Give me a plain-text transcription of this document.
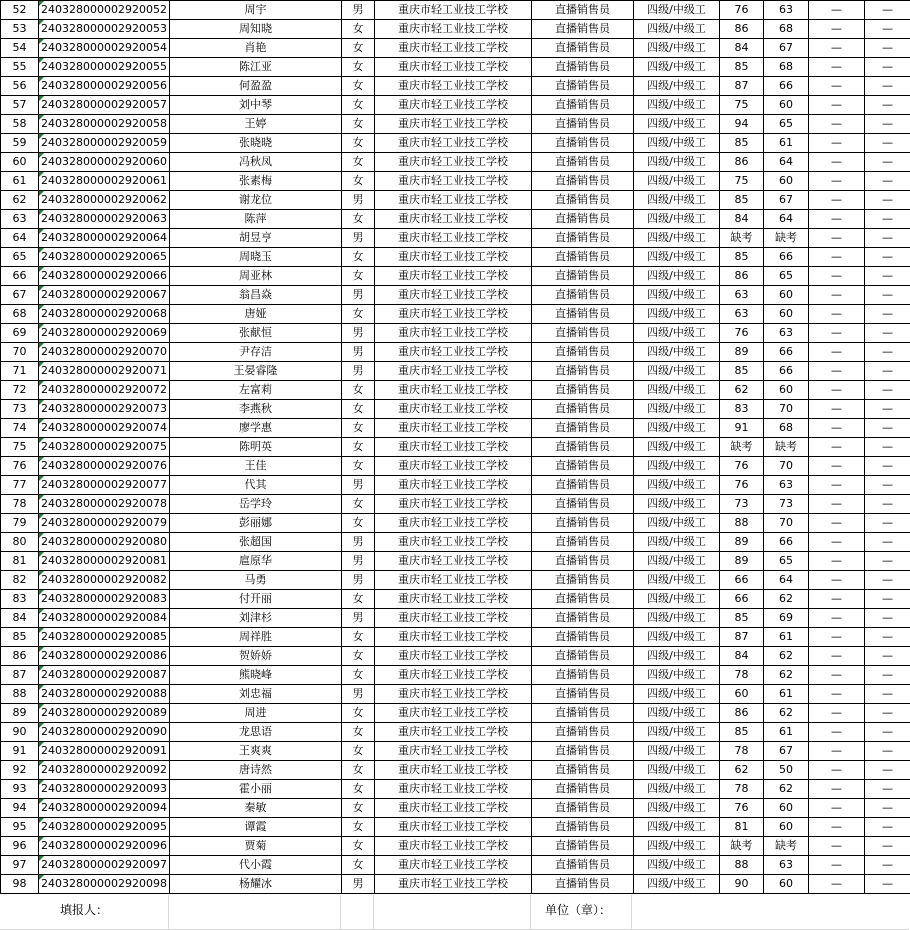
52	240328000002920052	周宇	男	重庆市轻工业技工学校	直播销售员	四级/中级工	76	63	—	—
53	240328000002920053	周知晓	女	重庆市轻工业技工学校	直播销售员	四级/中级工	86	68	—	—
54	240328000002920054	肖艳	女	重庆市轻工业技工学校	直播销售员	四级/中级工	84	67	—	—
55	240328000002920055	陈江亚	女	重庆市轻工业技工学校	直播销售员	四级/中级工	85	68	—	—
56	240328000002920056	何盈盈	女	重庆市轻工业技工学校	直播销售员	四级/中级工	87	66	—	—
57	240328000002920057	刘中琴	女	重庆市轻工业技工学校	直播销售员	四级/中级工	75	60	—	—
58	240328000002920058	王婷	女	重庆市轻工业技工学校	直播销售员	四级/中级工	94	65	—	—
59	240328000002920059	张晓晓	女	重庆市轻工业技工学校	直播销售员	四级/中级工	85	61	—	—
60	240328000002920060	冯秋凤	女	重庆市轻工业技工学校	直播销售员	四级/中级工	86	64	—	—
61	240328000002920061	张素梅	女	重庆市轻工业技工学校	直播销售员	四级/中级工	75	60	—	—
62	240328000002920062	谢龙位	男	重庆市轻工业技工学校	直播销售员	四级/中级工	85	67	—	—
63	240328000002920063	陈萍	女	重庆市轻工业技工学校	直播销售员	四级/中级工	84	64	—	—
64	240328000002920064	胡昱亨	男	重庆市轻工业技工学校	直播销售员	四级/中级工	缺考	缺考	—	—
65	240328000002920065	周晓玉	女	重庆市轻工业技工学校	直播销售员	四级/中级工	85	66	—	—
66	240328000002920066	周亚林	女	重庆市轻工业技工学校	直播销售员	四级/中级工	86	65	—	—
67	240328000002920067	翁昌焱	男	重庆市轻工业技工学校	直播销售员	四级/中级工	63	60	—	—
68	240328000002920068	唐娅	女	重庆市轻工业技工学校	直播销售员	四级/中级工	63	60	—	—
69	240328000002920069	张献恒	男	重庆市轻工业技工学校	直播销售员	四级/中级工	76	63	—	—
70	240328000002920070	尹存洁	男	重庆市轻工业技工学校	直播销售员	四级/中级工	89	66	—	—
71	240328000002920071	王晏睿隆	男	重庆市轻工业技工学校	直播销售员	四级/中级工	85	66	—	—
72	240328000002920072	左富莉	女	重庆市轻工业技工学校	直播销售员	四级/中级工	62	60	—	—
73	240328000002920073	李燕秋	女	重庆市轻工业技工学校	直播销售员	四级/中级工	83	70	—	—
74	240328000002920074	廖学惠	女	重庆市轻工业技工学校	直播销售员	四级/中级工	91	68	—	—
75	240328000002920075	陈明英	女	重庆市轻工业技工学校	直播销售员	四级/中级工	缺考	缺考	—	—
76	240328000002920076	王佳	女	重庆市轻工业技工学校	直播销售员	四级/中级工	76	70	—	—
77	240328000002920077	代其	男	重庆市轻工业技工学校	直播销售员	四级/中级工	76	63	—	—
78	240328000002920078	岳学玲	女	重庆市轻工业技工学校	直播销售员	四级/中级工	73	73	—	—
79	240328000002920079	彭丽娜	女	重庆市轻工业技工学校	直播销售员	四级/中级工	88	70	—	—
80	240328000002920080	张超国	男	重庆市轻工业技工学校	直播销售员	四级/中级工	89	66	—	—
81	240328000002920081	扈原华	男	重庆市轻工业技工学校	直播销售员	四级/中级工	89	65	—	—
82	240328000002920082	马勇	男	重庆市轻工业技工学校	直播销售员	四级/中级工	66	64	—	—
83	240328000002920083	付开丽	女	重庆市轻工业技工学校	直播销售员	四级/中级工	66	62	—	—
84	240328000002920084	刘津杉	男	重庆市轻工业技工学校	直播销售员	四级/中级工	85	69	—	—
85	240328000002920085	周祥胜	女	重庆市轻工业技工学校	直播销售员	四级/中级工	87	61	—	—
86	240328000002920086	贺娇娇	女	重庆市轻工业技工学校	直播销售员	四级/中级工	84	62	—	—
87	240328000002920087	熊晓峰	女	重庆市轻工业技工学校	直播销售员	四级/中级工	78	62	—	—
88	240328000002920088	刘忠福	男	重庆市轻工业技工学校	直播销售员	四级/中级工	60	61	—	—
89	240328000002920089	周进	女	重庆市轻工业技工学校	直播销售员	四级/中级工	86	62	—	—
90	240328000002920090	龙思语	女	重庆市轻工业技工学校	直播销售员	四级/中级工	85	61	—	—
91	240328000002920091	王爽爽	女	重庆市轻工业技工学校	直播销售员	四级/中级工	78	67	—	—
92	240328000002920092	唐诗然	女	重庆市轻工业技工学校	直播销售员	四级/中级工	62	50	—	—
93	240328000002920093	霍小丽	女	重庆市轻工业技工学校	直播销售员	四级/中级工	78	62	—	—
94	240328000002920094	秦敏	女	重庆市轻工业技工学校	直播销售员	四级/中级工	76	60	—	—
95	240328000002920095	谭霞	女	重庆市轻工业技工学校	直播销售员	四级/中级工	81	60	—	—
96	240328000002920096	贾菊	女	重庆市轻工业技工学校	直播销售员	四级/中级工	缺考	缺考	—	—
97	240328000002920097	代小霞	女	重庆市轻工业技工学校	直播销售员	四级/中级工	88	63	—	—
98	240328000002920098	杨耀冰	男	重庆市轻工业技工学校	直播销售员	四级/中级工	90	60	—	—
填报人：	单位（章）：
